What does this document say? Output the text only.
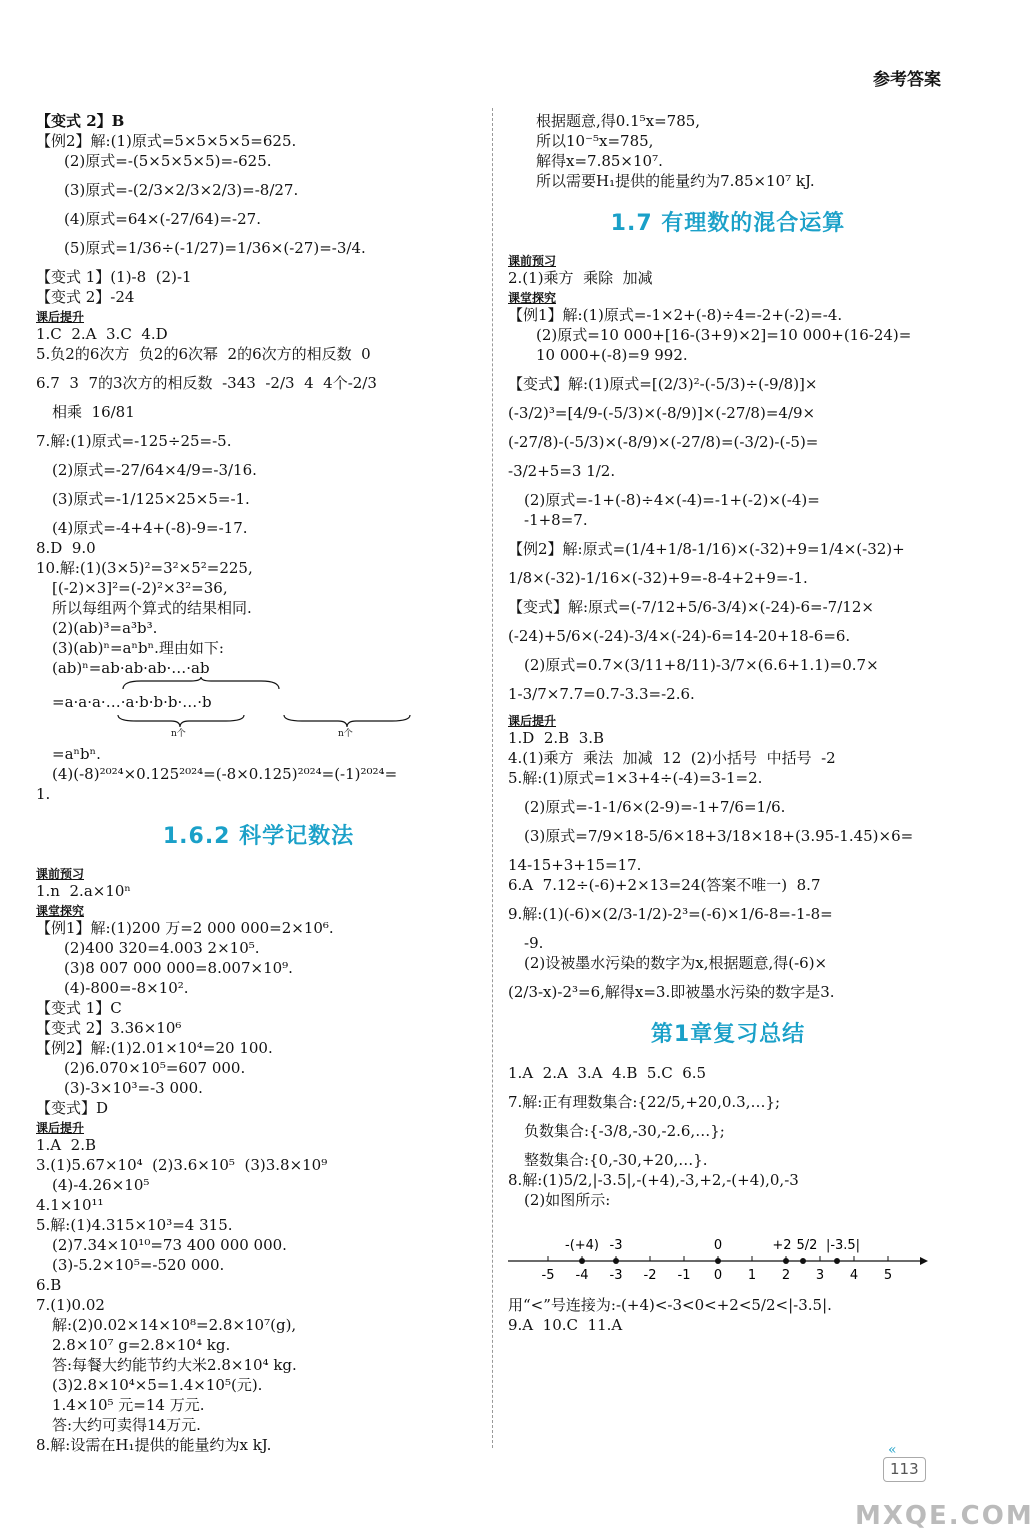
参考答案
【变式 2】B
【例2】解:(1)原式=5×5×5×5=625.
(2)原式=-(5×5×5×5)=-625.
(3)原式=-(2/3×2/3×2/3)=-8/27.
(4)原式=64×(-27/64)=-27.
(5)原式=1/36÷(-1/27)=1/36×(-27)=-3/4.
【变式 1】(1)-8  (2)-1
【变式 2】-24
课后提升
1.C  2.A  3.C  4.D
5.负2的6次方  负2的6次幂  2的6次方的相反数  0
6.7  3  7的3次方的相反数  -343  -2/3  4  4个-2/3
相乘  16/81
7.解:(1)原式=-125÷25=-5.
(2)原式=-27/64×4/9=-3/16.
(3)原式=-1/125×25×5=-1.
(4)原式=-4+4+(-8)-9=-17.
8.D  9.0
10.解:(1)(3×5)²=3²×5²=225,
[(-2)×3]²=(-2)²×3²=36,
所以每组两个算式的结果相同.
(2)(ab)³=a³b³.
(3)(ab)ⁿ=aⁿbⁿ.理由如下:
(ab)ⁿ=ab·ab·ab·…·ab
=a·a·a·…·a·b·b·b·…·b
n个	n个
=aⁿbⁿ.
(4)(-8)²⁰²⁴×0.125²⁰²⁴=(-8×0.125)²⁰²⁴=(-1)²⁰²⁴=
1.
1.6.2 科学记数法
课前预习
1.n  2.a×10ⁿ
课堂探究
【例1】解:(1)200 万=2 000 000=2×10⁶.
(2)400 320=4.003 2×10⁵.
(3)8 007 000 000=8.007×10⁹.
(4)-800=-8×10².
【变式 1】C
【变式 2】3.36×10⁶
【例2】解:(1)2.01×10⁴=20 100.
(2)6.070×10⁵=607 000.
(3)-3×10³=-3 000.
【变式】D
课后提升
1.A  2.B
3.(1)5.67×10⁴  (2)3.6×10⁵  (3)3.8×10⁹
(4)-4.26×10⁵
4.1×10¹¹
5.解:(1)4.315×10³=4 315.
(2)7.34×10¹⁰=73 400 000 000.
(3)-5.2×10⁵=-520 000.
6.B
7.(1)0.02
解:(2)0.02×14×10⁸=2.8×10⁷(g),
2.8×10⁷ g=2.8×10⁴ kg.
答:每餐大约能节约大米2.8×10⁴ kg.
(3)2.8×10⁴×5=1.4×10⁵(元).
1.4×10⁵ 元=14 万元.
答:大约可卖得14万元.
8.解:设需在H₁提供的能量约为x kJ.
根据题意,得0.1⁵x=785,
所以10⁻⁵x=785,
解得x=7.85×10⁷.
所以需要H₁提供的能量约为7.85×10⁷ kJ.
1.7 有理数的混合运算
课前预习
2.(1)乘方  乘除  加减
课堂探究
【例1】解:(1)原式=-1×2+(-8)÷4=-2+(-2)=-4.
(2)原式=10 000+[16-(3+9)×2]=10 000+(16-24)=
10 000+(-8)=9 992.
【变式】解:(1)原式=[(2/3)²-(-5/3)÷(-9/8)]×
(-3/2)³=[4/9-(-5/3)×(-8/9)]×(-27/8)=4/9×
(-27/8)-(-5/3)×(-8/9)×(-27/8)=(-3/2)-(-5)=
-3/2+5=3 1/2.
(2)原式=-1+(-8)÷4×(-4)=-1+(-2)×(-4)=
-1+8=7.
【例2】解:原式=(1/4+1/8-1/16)×(-32)+9=1/4×(-32)+
1/8×(-32)-1/16×(-32)+9=-8-4+2+9=-1.
【变式】解:原式=(-7/12+5/6-3/4)×(-24)-6=-7/12×
(-24)+5/6×(-24)-3/4×(-24)-6=14-20+18-6=6.
(2)原式=0.7×(3/11+8/11)-3/7×(6.6+1.1)=0.7×
1-3/7×7.7=0.7-3.3=-2.6.
课后提升
1.D  2.B  3.B
4.(1)乘方  乘法  加减  12  (2)小括号  中括号  -2
5.解:(1)原式=1×3+4÷(-4)=3-1=2.
(2)原式=-1-1/6×(2-9)=-1+7/6=1/6.
(3)原式=7/9×18-5/6×18+3/18×18+(3.95-1.45)×6=
14-15+3+15=17.
6.A  7.12÷(-6)+2×13=24(答案不唯一)  8.7
9.解:(1)(-6)×(2/3-1/2)-2³=(-6)×1/6-8=-1-8=
-9.
(2)设被墨水污染的数字为x,根据题意,得(-6)×
(2/3-x)-2³=6,解得x=3.即被墨水污染的数字是3.
第1章复习总结
1.A  2.A  3.A  4.B  5.C  6.5
7.解:正有理数集合:{22/5,+20,0.3,…};
负数集合:{-3/8,-30,-2.6,…};
整数集合:{0,-30,+20,…}.
8.解:(1)5/2,|-3.5|,-(+4),-3,+2,-(+4),0,-3
(2)如图所示:
-5 -4 -3 -2 -1 0 1 2 3 4 5
-(+4) -3	0	+2 5/2 |-3.5|
用“<”号连接为:-(+4)<-3<0<+2<5/2<|-3.5|.
9.A  10.C  11.A
«
113
MXQE.COM
